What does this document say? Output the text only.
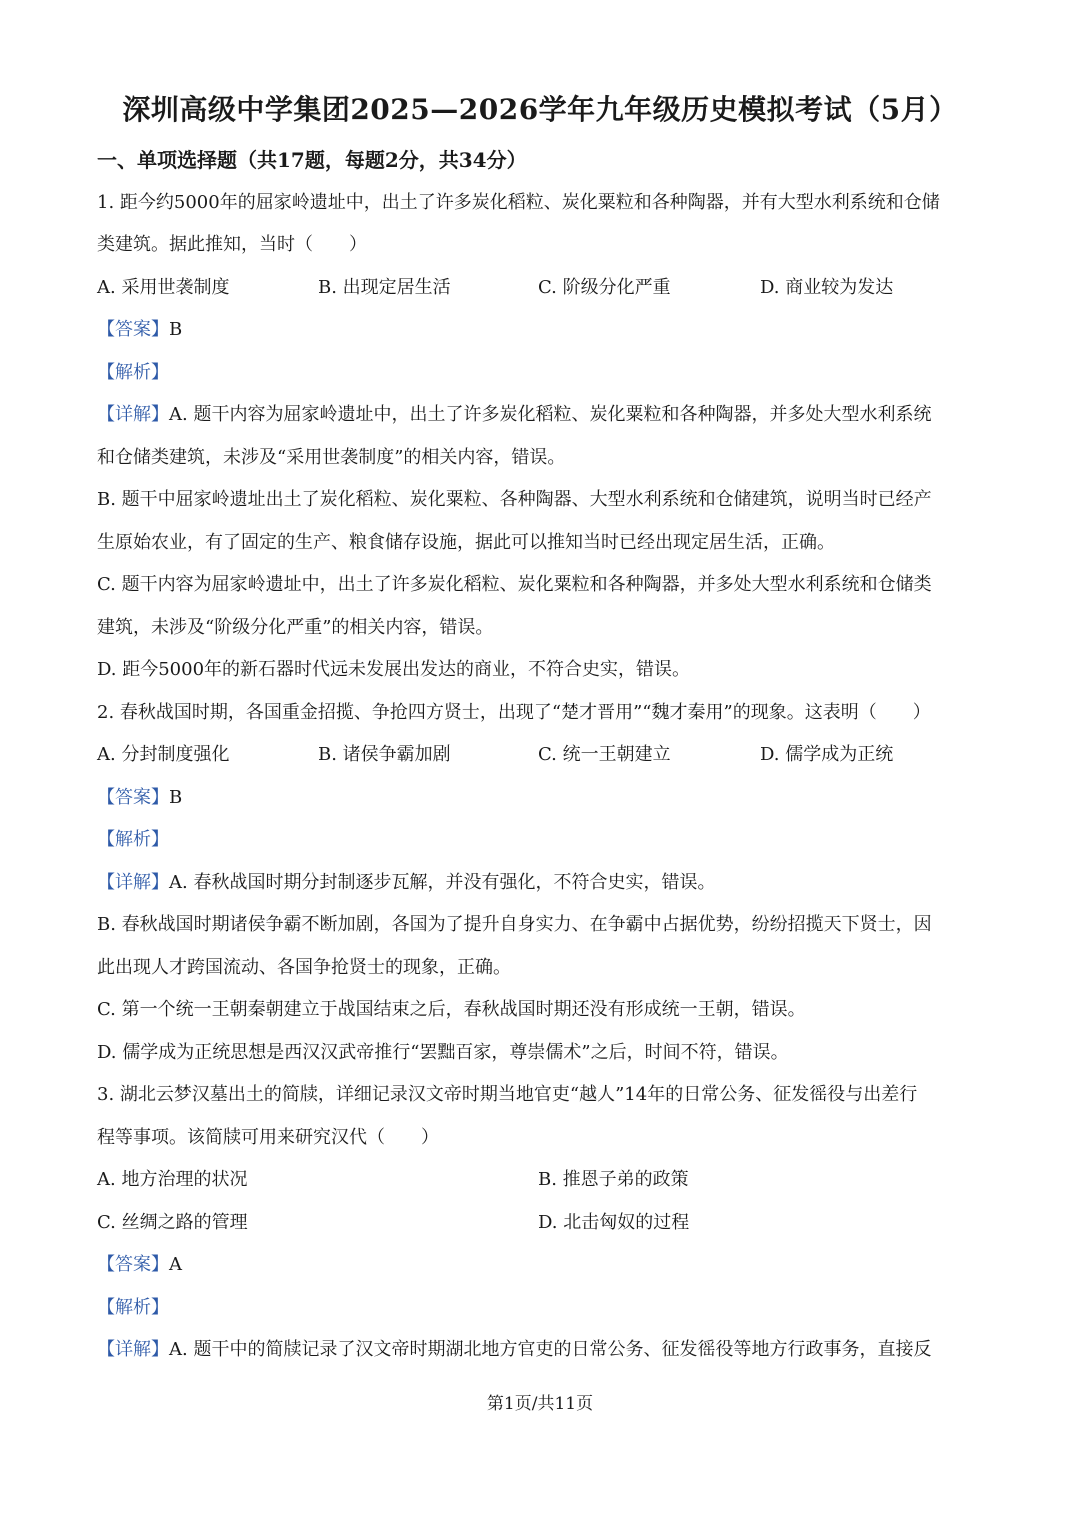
深圳高级中学集团2025—2026学年九年级历史模拟考试（5月）
一、单项选择题（共17题，每题2分，共34分）
1. 距今约5000年的屈家岭遗址中，出土了许多炭化稻粒、炭化粟粒和各种陶器，并有大型水利系统和仓储
类建筑。据此推知，当时（　　）
A. 采用世袭制度	B. 出现定居生活	C. 阶级分化严重	D. 商业较为发达
【答案】B
【解析】
【详解】A. 题干内容为屈家岭遗址中，出土了许多炭化稻粒、炭化粟粒和各种陶器，并多处大型水利系统
和仓储类建筑，未涉及“采用世袭制度”的相关内容，错误。
B. 题干中屈家岭遗址出土了炭化稻粒、炭化粟粒、各种陶器、大型水利系统和仓储建筑，说明当时已经产
生原始农业，有了固定的生产、粮食储存设施，据此可以推知当时已经出现定居生活，正确。
C. 题干内容为屈家岭遗址中，出土了许多炭化稻粒、炭化粟粒和各种陶器，并多处大型水利系统和仓储类
建筑，未涉及“阶级分化严重”的相关内容，错误。
D. 距今5000年的新石器时代远未发展出发达的商业，不符合史实，错误。
2. 春秋战国时期，各国重金招揽、争抢四方贤士，出现了“楚才晋用”“魏才秦用”的现象。这表明（　　）
A. 分封制度强化	B. 诸侯争霸加剧	C. 统一王朝建立	D. 儒学成为正统
【答案】B
【解析】
【详解】A. 春秋战国时期分封制逐步瓦解，并没有强化，不符合史实，错误。
B. 春秋战国时期诸侯争霸不断加剧，各国为了提升自身实力、在争霸中占据优势，纷纷招揽天下贤士，因
此出现人才跨国流动、各国争抢贤士的现象，正确。
C. 第一个统一王朝秦朝建立于战国结束之后，春秋战国时期还没有形成统一王朝，错误。
D. 儒学成为正统思想是西汉汉武帝推行“罢黜百家，尊崇儒术”之后，时间不符，错误。
3. 湖北云梦汉墓出土的简牍，详细记录汉文帝时期当地官吏“越人”14年的日常公务、征发徭役与出差行
程等事项。该简牍可用来研究汉代（　　）
A. 地方治理的状况	B. 推恩子弟的政策
C. 丝绸之路的管理	D. 北击匈奴的过程
【答案】A
【解析】
【详解】A. 题干中的简牍记录了汉文帝时期湖北地方官吏的日常公务、征发徭役等地方行政事务，直接反
第1页/共11页
